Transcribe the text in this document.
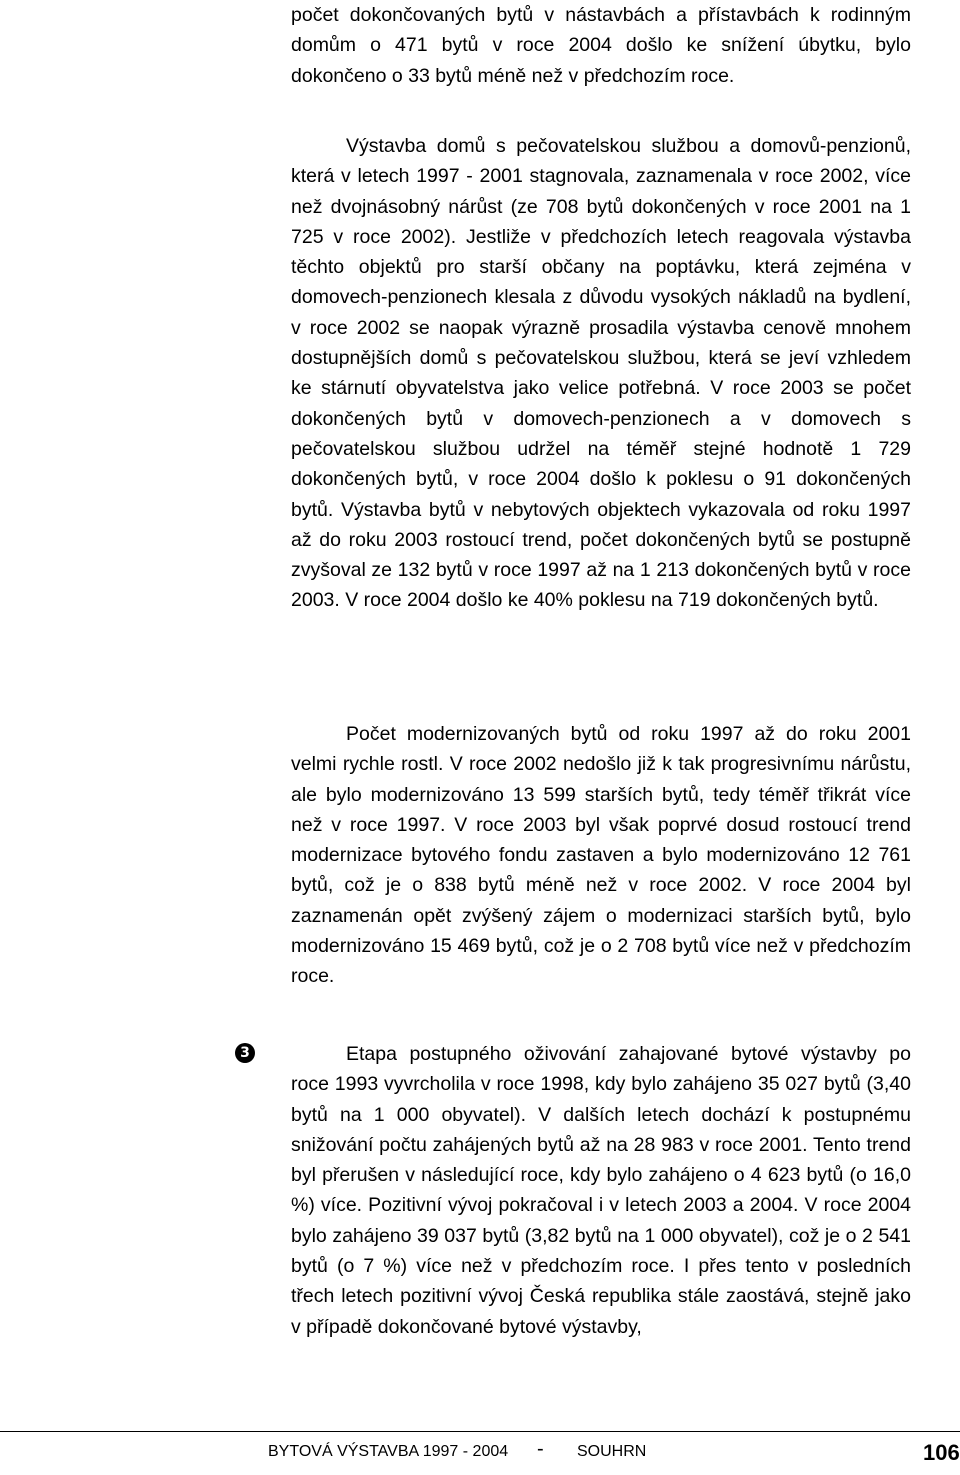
počet dokončovaných bytů v nástavbách a přístavbách k rodinným domům o 471 bytů v roce 2004 došlo ke snížení úbytku, bylo dokončeno o 33 bytů méně než v předchozím roce.

Výstavba domů s pečovatelskou službou a domovů-penzionů, která v letech 1997 - 2001 stagnovala, zaznamenala v roce 2002, více než dvojnásobný nárůst (ze 708 bytů dokončených v roce 2001 na 1 725 v roce 2002). Jestliže v předchozích letech reagovala výstavba těchto objektů pro starší občany na poptávku, která zejména v domovech-penzionech klesala z důvodu vysokých nákladů na bydlení, v roce 2002 se naopak výrazně prosadila výstavba cenově mnohem dostupnějších domů s pečovatelskou službou, která se jeví vzhledem ke stárnutí obyvatelstva jako velice potřebná. V roce 2003 se počet dokončených bytů v domovech-penzionech a v domovech s pečovatelskou službou udržel na téměř stejné hodnotě 1 729 dokončených bytů, v roce 2004 došlo k poklesu o 91 dokončených bytů. Výstavba bytů v nebytových objektech vykazovala od roku 1997 až do roku 2003 rostoucí trend, počet dokončených bytů se postupně zvyšoval ze 132 bytů v roce 1997 až na 1 213 dokončených bytů v roce 2003. V roce 2004 došlo ke 40% poklesu na 719 dokončených bytů.

Počet modernizovaných bytů od roku 1997 až do roku 2001 velmi rychle rostl. V roce 2002 nedošlo již k tak progresivnímu nárůstu, ale bylo modernizováno 13 599 starších bytů, tedy téměř třikrát více než v roce 1997. V roce 2003 byl však poprvé dosud rostoucí trend modernizace bytového fondu zastaven a bylo modernizováno 12 761 bytů, což je o 838 bytů méně než v roce 2002. V roce 2004 byl zaznamenán opět zvýšený zájem o modernizaci starších bytů, bylo modernizováno 15 469 bytů, což je o 2 708 bytů více než v předchozím roce.

3	Etapa postupného oživování zahajované bytové výstavby po roce 1993 vyvrcholila v roce 1998, kdy bylo zahájeno 35 027 bytů (3,40 bytů na 1 000 obyvatel). V dalších letech dochází k postupnému snižování počtu zahájených bytů až na 28 983 v roce 2001. Tento trend byl přerušen v následující roce, kdy bylo zahájeno o 4 623 bytů (o 16,0 %) více. Pozitivní vývoj pokračoval i v letech 2003 a 2004. V roce 2004 bylo zahájeno 39 037 bytů (3,82 bytů na 1 000 obyvatel), což je o 2 541 bytů (o 7 %) více než v předchozím roce. I přes tento v posledních třech letech pozitivní vývoj Česká republika stále zaostává, stejně jako v případě dokončované bytové výstavby,

BYTOVÁ VÝSTAVBA 1997 - 2004 - SOUHRN	106
